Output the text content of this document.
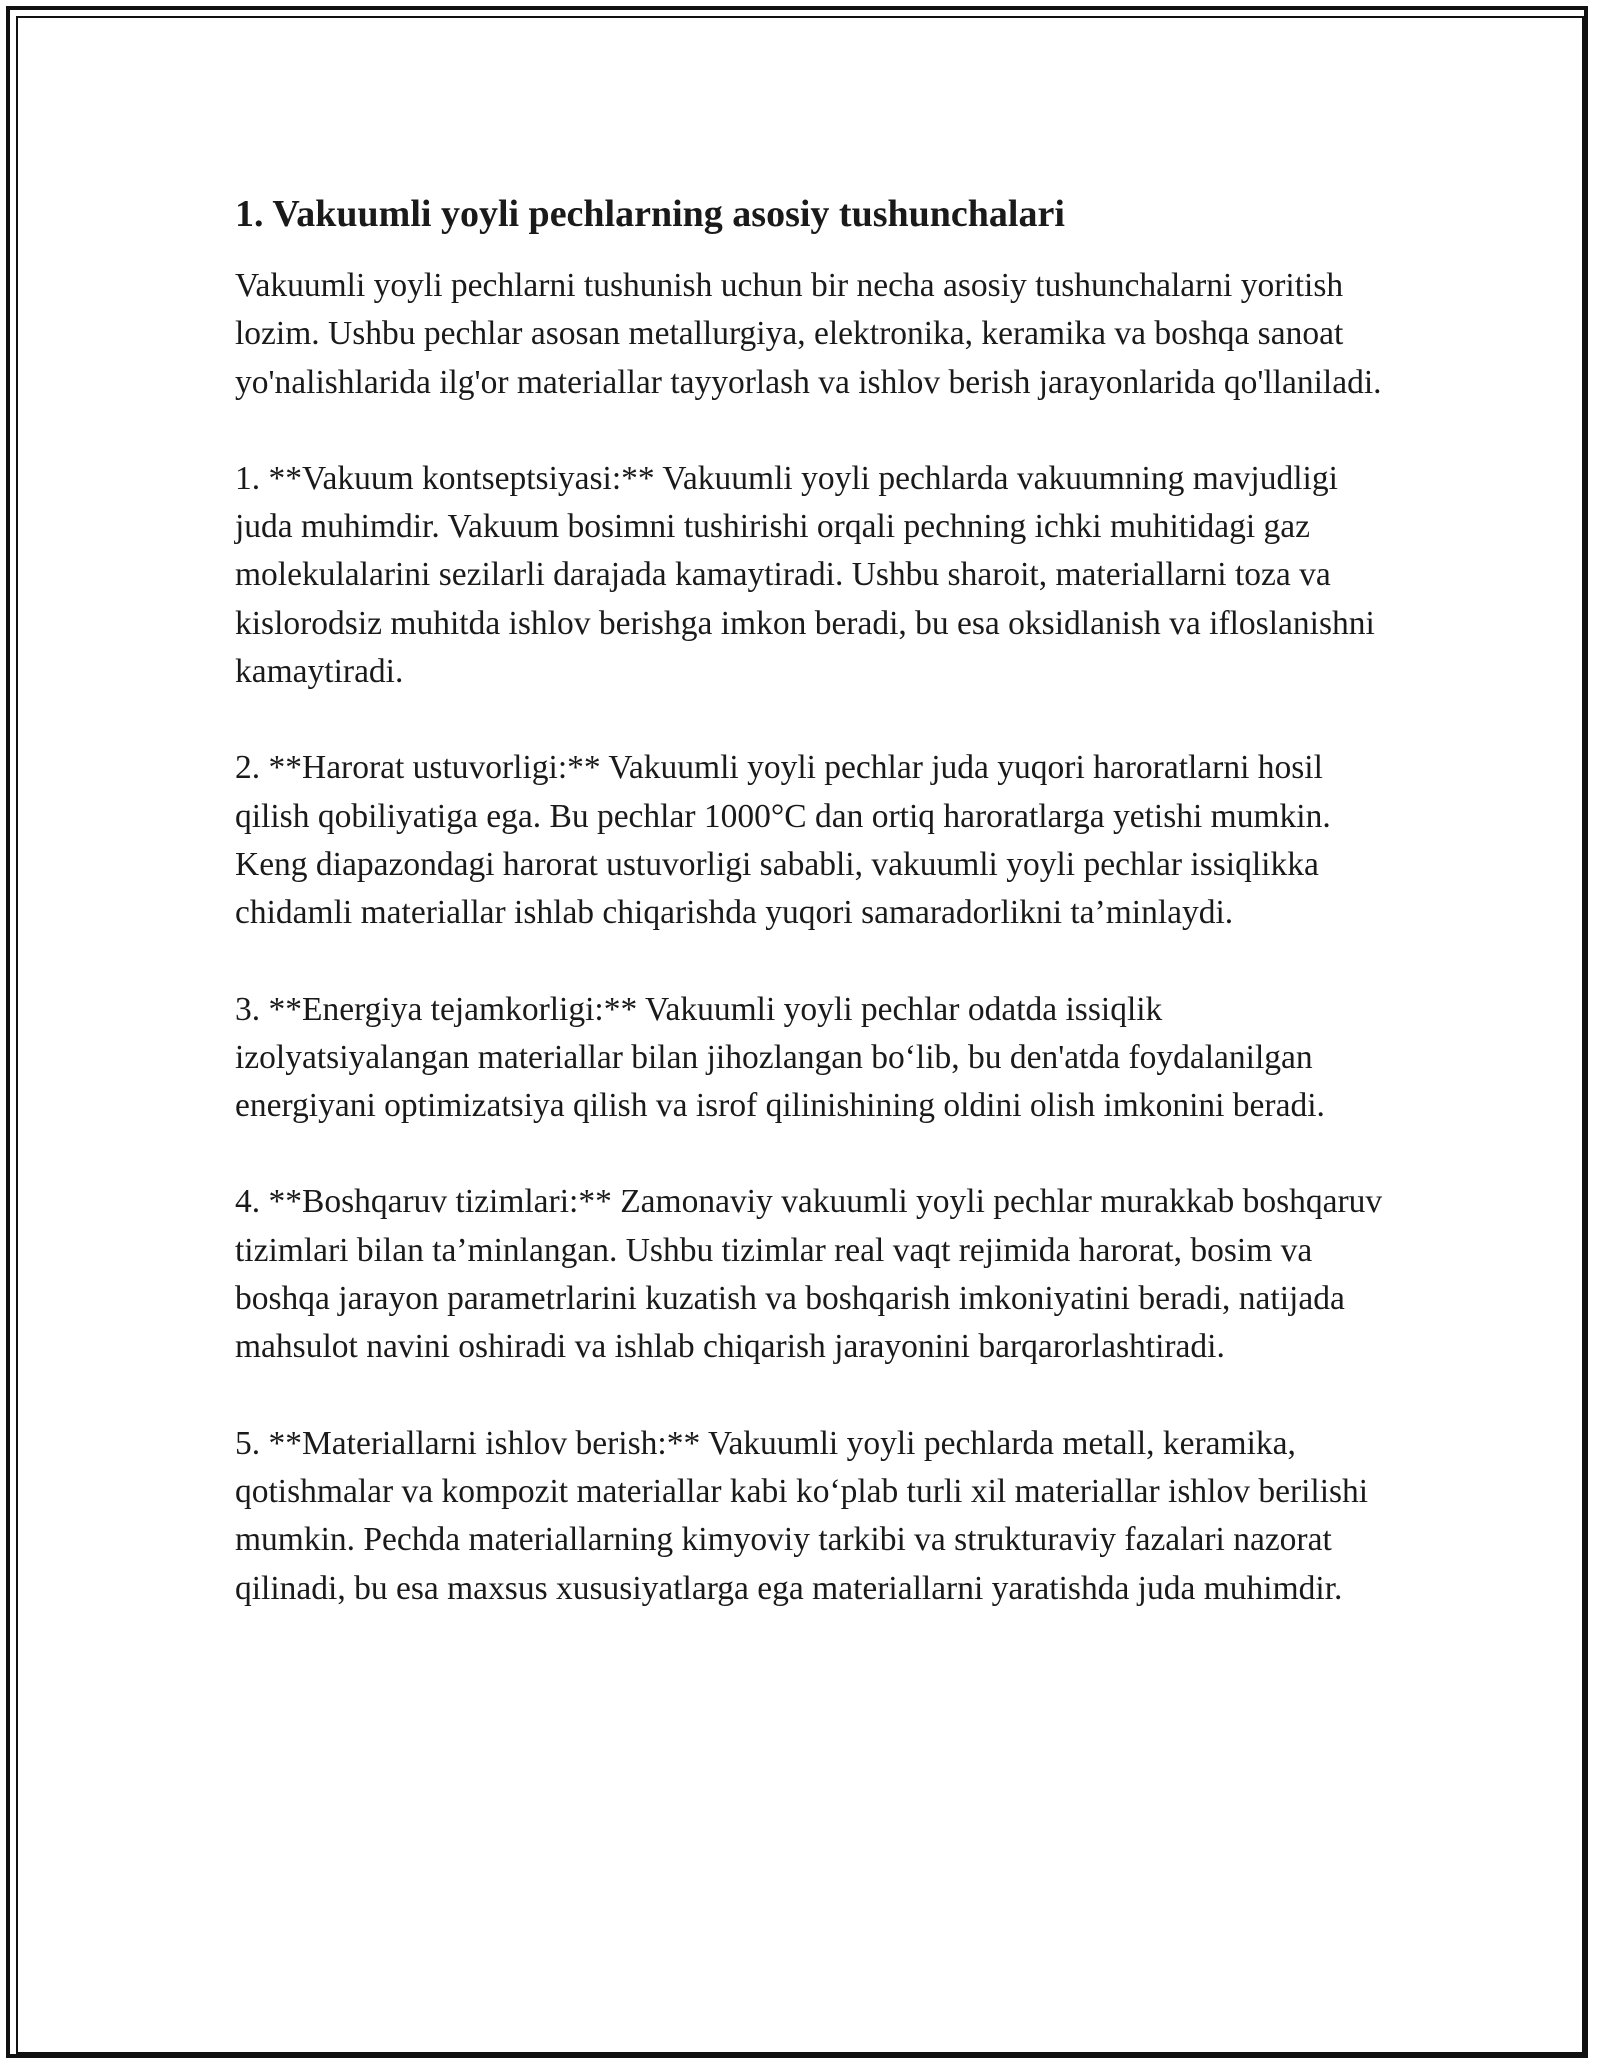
1. Vakuumli yoyli pechlarning asosiy tushunchalari

Vakuumli yoyli pechlarni tushunish uchun bir necha asosiy tushunchalarni yoritish lozim. Ushbu pechlar asosan metallurgiya, elektronika, keramika va boshqa sanoat yo'nalishlarida ilg'or materiallar tayyorlash va ishlov berish jarayonlarida qo'llaniladi.

1. **Vakuum kontseptsiyasi:** Vakuumli yoyli pechlarda vakuumning mavjudligi juda muhimdir. Vakuum bosimni tushirishi orqali pechning ichki muhitidagi gaz molekulalarini sezilarli darajada kamaytiradi. Ushbu sharoit, materiallarni toza va kislorodsiz muhitda ishlov berishga imkon beradi, bu esa oksidlanish va ifloslanishni kamaytiradi.
2. **Harorat ustuvorligi:** Vakuumli yoyli pechlar juda yuqori haroratlarni hosil qilish qobiliyatiga ega. Bu pechlar 1000°C dan ortiq haroratlarga yetishi mumkin. Keng diapazondagi harorat ustuvorligi sababli, vakuumli yoyli pechlar issiqlikka chidamli materiallar ishlab chiqarishda yuqori samaradorlikni ta’minlaydi.
3. **Energiya tejamkorligi:** Vakuumli yoyli pechlar odatda issiqlik izolyatsiyalangan materiallar bilan jihozlangan bo‘lib, bu den'atda foydalanilgan energiyani optimizatsiya qilish va isrof qilinishining oldini olish imkonini beradi.
4. **Boshqaruv tizimlari:** Zamonaviy vakuumli yoyli pechlar murakkab boshqaruv tizimlari bilan ta’minlangan. Ushbu tizimlar real vaqt rejimida harorat, bosim va boshqa jarayon parametrlarini kuzatish va boshqarish imkoniyatini beradi, natijada mahsulot navini oshiradi va ishlab chiqarish jarayonini barqarorlashtiradi.
5. **Materiallarni ishlov berish:** Vakuumli yoyli pechlarda metall, keramika, qotishmalar va kompozit materiallar kabi ko‘plab turli xil materiallar ishlov berilishi mumkin. Pechda materiallarning kimyoviy tarkibi va strukturaviy fazalari nazorat qilinadi, bu esa maxsus xususiyatlarga ega materiallarni yaratishda juda muhimdir.
